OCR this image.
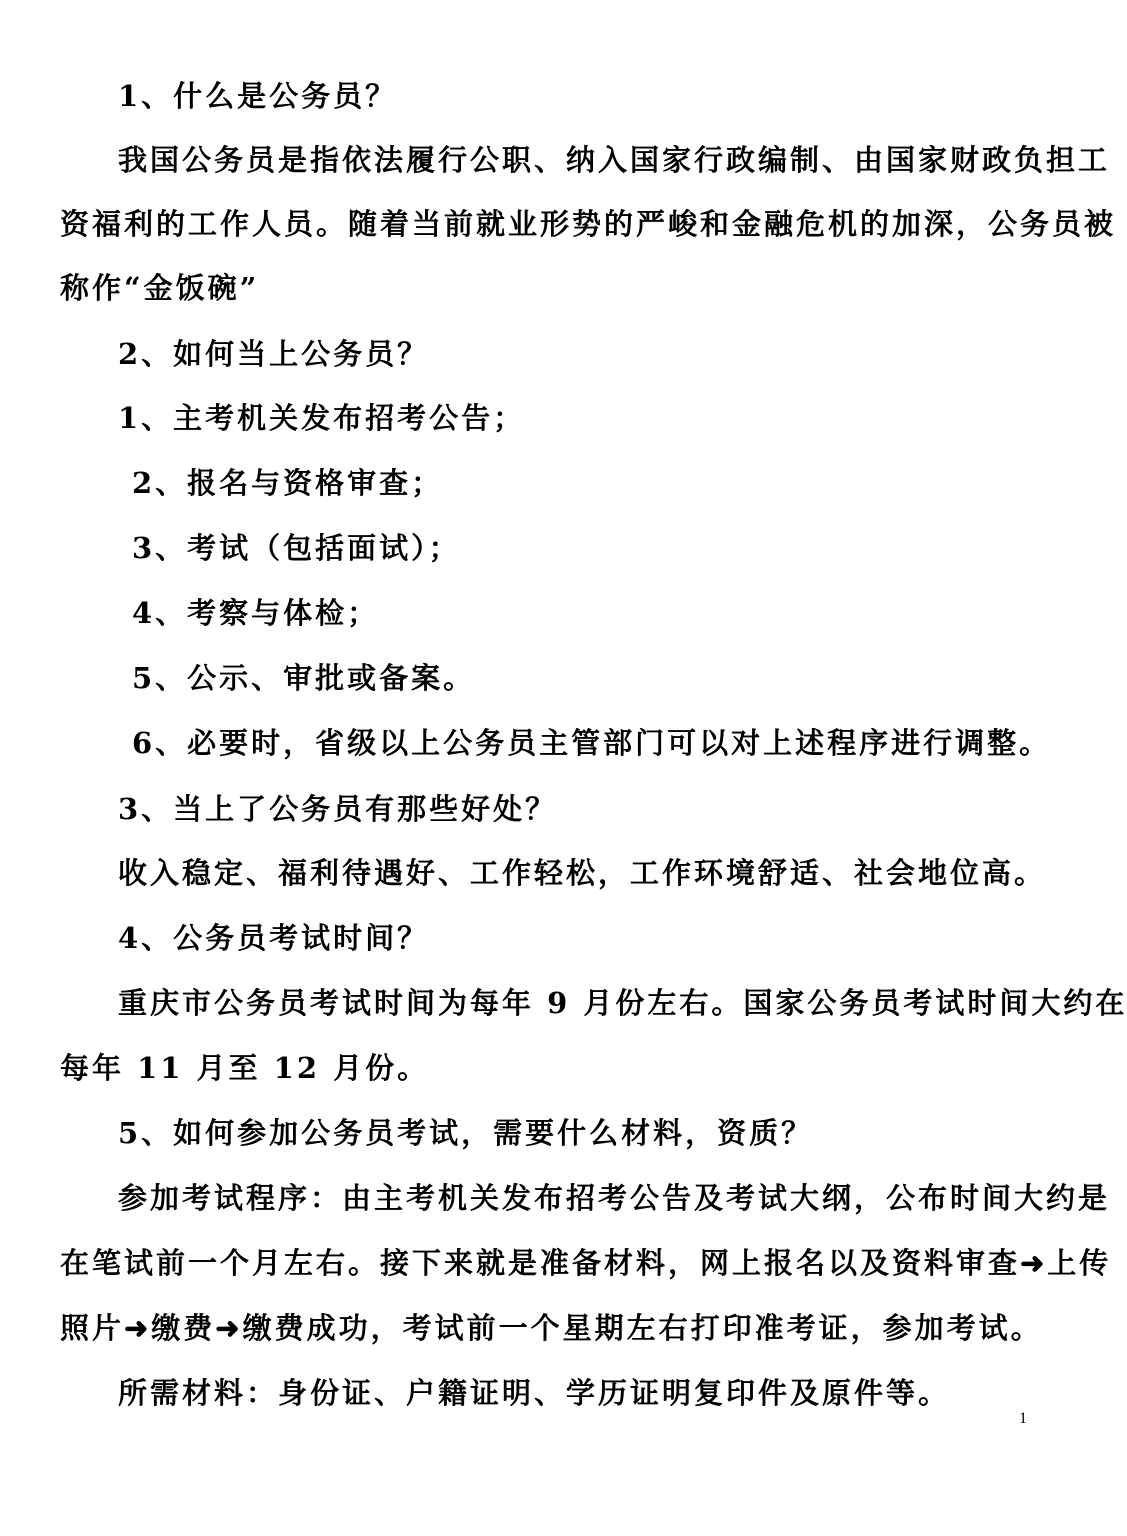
1、什么是公务员？
我国公务员是指依法履行公职、纳入国家行政编制、由国家财政负担工
资福利的工作人员。随着当前就业形势的严峻和金融危机的加深，公务员被
称作“金饭碗”
2、如何当上公务员？
1、主考机关发布招考公告；
2、报名与资格审查；
3、考试（包括面试）；
4、考察与体检；
5、公示、审批或备案。
6、必要时，省级以上公务员主管部门可以对上述程序进行调整。
3、当上了公务员有那些好处？
收入稳定、福利待遇好、工作轻松，工作环境舒适、社会地位高。
4、公务员考试时间？
重庆市公务员考试时间为每年 9 月份左右。国家公务员考试时间大约在
每年 11 月至 12 月份。
5、如何参加公务员考试，需要什么材料，资质？
参加考试程序：由主考机关发布招考公告及考试大纲，公布时间大约是
在笔试前一个月左右。接下来就是准备材料，网上报名以及资料审查➜上传
照片➜缴费➜缴费成功，考试前一个星期左右打印准考证，参加考试。
所需材料：身份证、户籍证明、学历证明复印件及原件等。
1
